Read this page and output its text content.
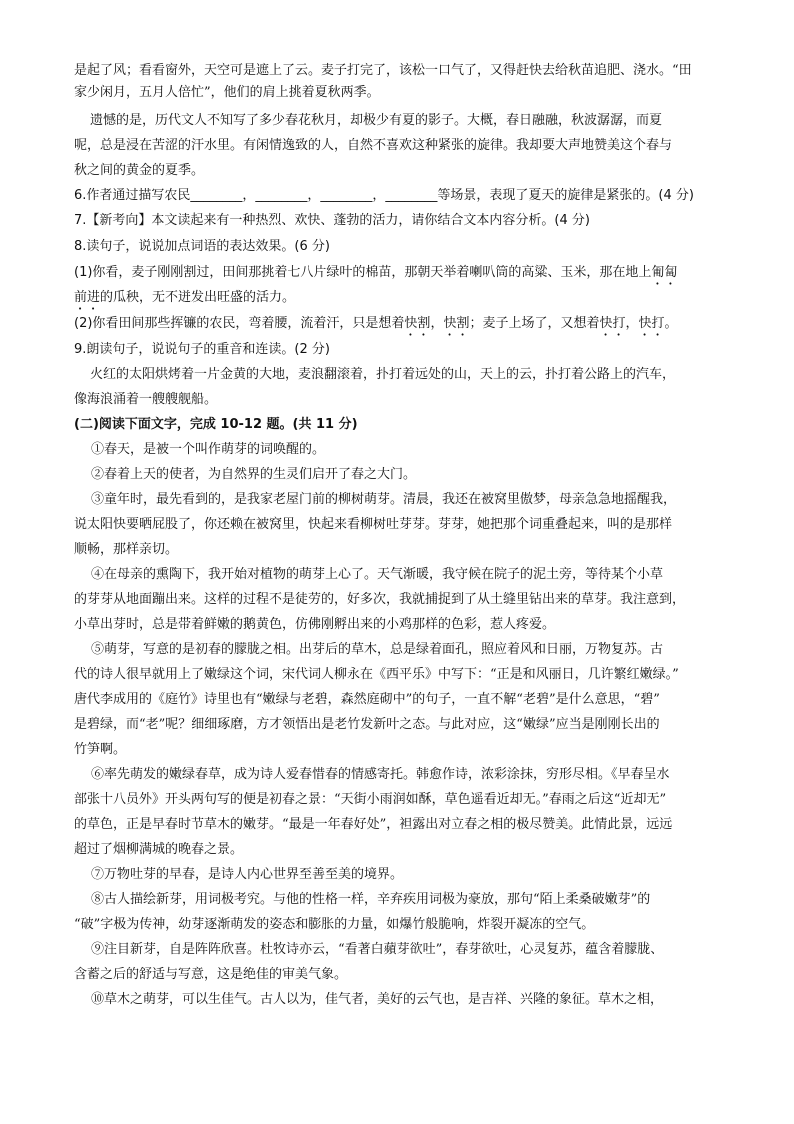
是起了风；看看窗外，天空可是遮上了云。麦子打完了，该松一口气了，又得赶快去给秋苗追肥、浇水。“田
家少闲月，五月人倍忙”，他们的肩上挑着夏秋两季。
遗憾的是，历代文人不知写了多少春花秋月，却极少有夏的影子。大概，春日融融，秋波潺潺，而夏
呢，总是浸在苦涩的汗水里。有闲情逸致的人，自然不喜欢这种紧张的旋律。我却要大声地赞美这个春与
秋之间的黄金的夏季。
6.作者通过描写农民________，________，________，________等场景，表现了夏天的旋律是紧张的。(4 分)
7.【新考向】本文读起来有一种热烈、欢快、蓬勃的活力，请你结合文本内容分析。(4 分)
8.读句子，说说加点词语的表达效果。(6 分)
(1)你看，麦子刚刚割过，田间那挑着七八片绿叶的棉苗，那朝天举着喇叭筒的高粱、玉米，那在地上匍匐
前进的瓜秧，无不迸发出旺盛的活力。
(2)你看田间那些挥镰的农民，弯着腰，流着汗，只是想着快割，快割；麦子上场了，又想着快打，快打。
9.朗读句子，说说句子的重音和连读。(2 分)
火红的太阳烘烤着一片金黄的大地，麦浪翻滚着，扑打着远处的山，天上的云，扑打着公路上的汽车，
像海浪涌着一艘艘舰船。
(二)阅读下面文字，完成 10-12 题。(共 11 分)
①春天，是被一个叫作萌芽的词唤醒的。
②春着上天的使者，为自然界的生灵们启开了春之大门。
③童年时，最先看到的，是我家老屋门前的柳树萌芽。清晨，我还在被窝里傲梦，母亲急急地摇醒我，
说太阳快要晒屁股了，你还赖在被窝里，快起来看柳树吐芽芽。芽芽，她把那个词重叠起来，叫的是那样
顺畅，那样亲切。
④在母亲的熏陶下，我开始对植物的萌芽上心了。天气渐暖，我守候在院子的泥土旁，等待某个小草
的芽芽从地面蹦出来。这样的过程不是徒劳的，好多次，我就捕捉到了从土缝里钻出来的草芽。我注意到，
小草出芽时，总是带着鲜嫩的鹅黄色，仿佛刚孵出来的小鸡那样的色彩，惹人疼爱。
⑤萌芽，写意的是初春的朦胧之相。出芽后的草木，总是绿着面孔，照应着风和日丽，万物复苏。古
代的诗人很早就用上了嫩绿这个词，宋代词人柳永在《西平乐》中写下：“正是和风丽日，几许繁红嫩绿。”
唐代李成用的《庭竹》诗里也有“嫩绿与老碧，森然庭砌中”的句子，一直不解“老碧”是什么意思，“碧”
是碧绿，而“老”呢？细细琢磨，方才领悟出是老竹发新叶之态。与此对应，这“嫩绿”应当是刚刚长出的
竹笋啊。
⑥率先萌发的嫩绿春草，成为诗人爱春惜春的情感寄托。韩愈作诗，浓彩涂抹，穷形尽相。《早春呈水
部张十八员外》开头两句写的便是初春之景：“天街小雨润如酥，草色遥看近却无。”春雨之后这“近却无”
的草色，正是早春时节草木的嫩芽。“最是一年春好处”，袒露出对立春之相的极尽赞美。此情此景，远远
超过了烟柳满城的晚春之景。
⑦万物吐芽的早春，是诗人内心世界至善至美的境界。
⑧古人描绘新芽，用词极考究。与他的性格一样，辛弃疾用词极为豪放，那句“陌上柔桑破嫩芽”的
“破”字极为传神，幼芽逐渐萌发的姿态和膨胀的力量，如爆竹般脆响，炸裂开凝冻的空气。
⑨注目新芽，自是阵阵欣喜。杜牧诗亦云，“看著白蘋芽欲吐”，春芽欲吐，心灵复苏，蕴含着朦胧、
含蓄之后的舒适与写意，这是绝佳的审美气象。
⑩草木之萌芽，可以生佳气。古人以为，佳气者，美好的云气也，是吉祥、兴隆的象征。草木之相，
